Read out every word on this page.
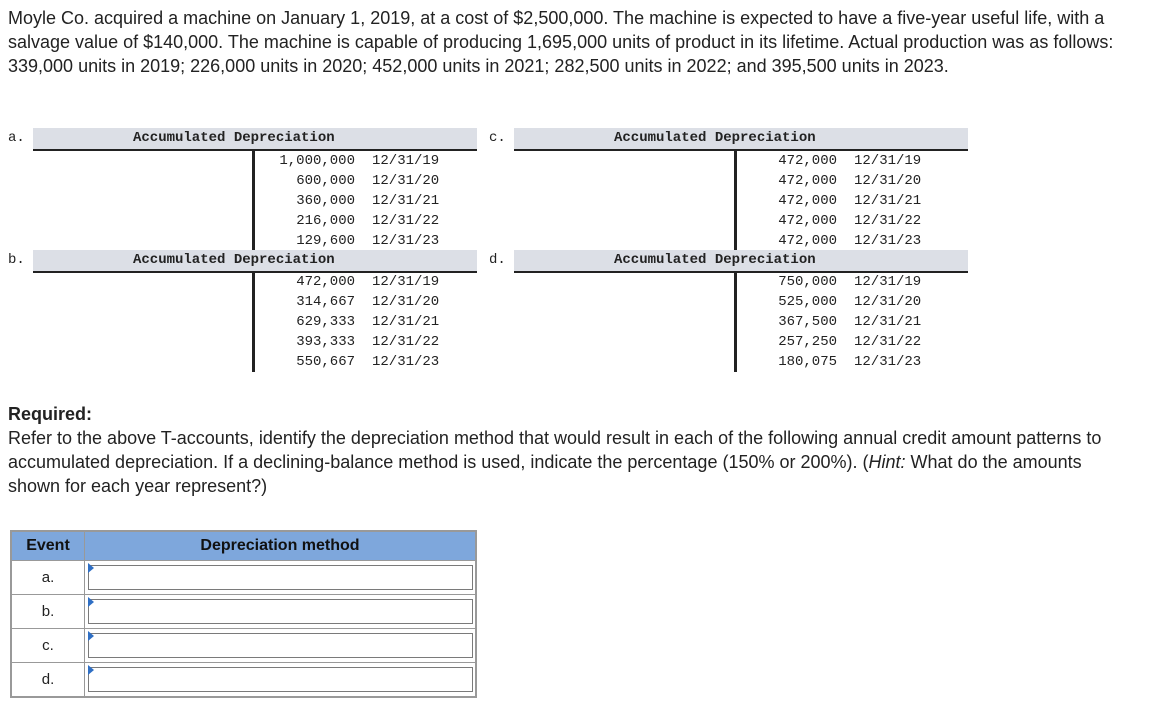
Moyle Co. acquired a machine on January 1, 2019, at a cost of $2,500,000. The machine is expected to have a five-year useful life, with a salvage value of $140,000. The machine is capable of producing 1,695,000 units of product in its lifetime. Actual production was as follows: 339,000 units in 2019; 226,000 units in 2020; 452,000 units in 2021; 282,500 units in 2022; and 395,500 units in 2023.

a.	Accumulated Depreciation
1,000,000 12/31/19
600,000 12/31/20
360,000 12/31/21
216,000 12/31/22
129,600 12/31/23
b.	Accumulated Depreciation
472,000 12/31/19
314,667 12/31/20
629,333 12/31/21
393,333 12/31/22
550,667 12/31/23
c.	Accumulated Depreciation
472,000 12/31/19
472,000 12/31/20
472,000 12/31/21
472,000 12/31/22
472,000 12/31/23
d.	Accumulated Depreciation
750,000 12/31/19
525,000 12/31/20
367,500 12/31/21
257,250 12/31/22
180,075 12/31/23
Required:
Refer to the above T-accounts, identify the depreciation method that would result in each of the following annual credit amount patterns to accumulated depreciation. If a declining-balance method is used, indicate the percentage (150% or 200%). (Hint: What do the amounts shown for each year represent?)
Event	Depreciation method
a.	

b.	

c.	

d.	
